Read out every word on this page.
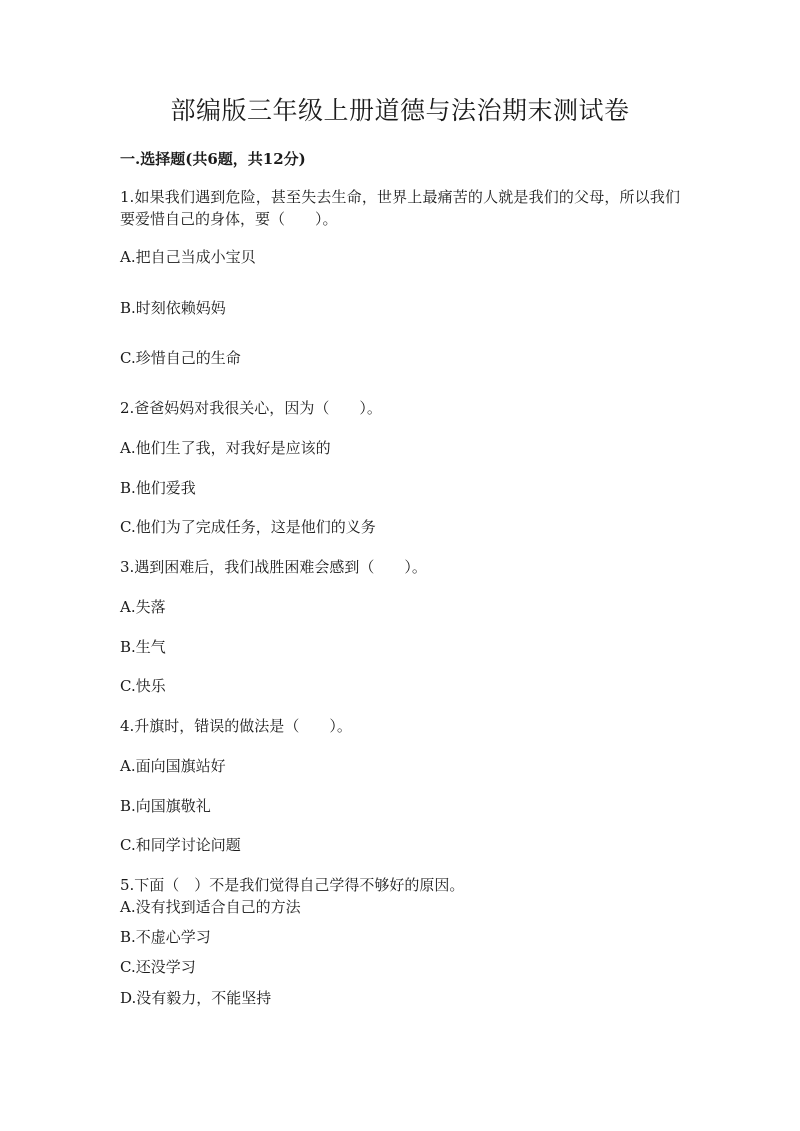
部编版三年级上册道德与法治期末测试卷
一.选择题(共6题，共12分)
1.如果我们遇到危险，甚至失去生命，世界上最痛苦的人就是我们的父母，所以我们要爱惜自己的身体，要（　　）。
A.把自己当成小宝贝
B.时刻依赖妈妈
C.珍惜自己的生命
2.爸爸妈妈对我很关心，因为（　　）。
A.他们生了我，对我好是应该的
B.他们爱我
C.他们为了完成任务，这是他们的义务
3.遇到困难后，我们战胜困难会感到（　　）。
A.失落
B.生气
C.快乐
4.升旗时，错误的做法是（　　）。
A.面向国旗站好
B.向国旗敬礼
C.和同学讨论问题
5.下面（　）不是我们觉得自己学得不够好的原因。
A.没有找到适合自己的方法
B.不虚心学习
C.还没学习
D.没有毅力，不能坚持
